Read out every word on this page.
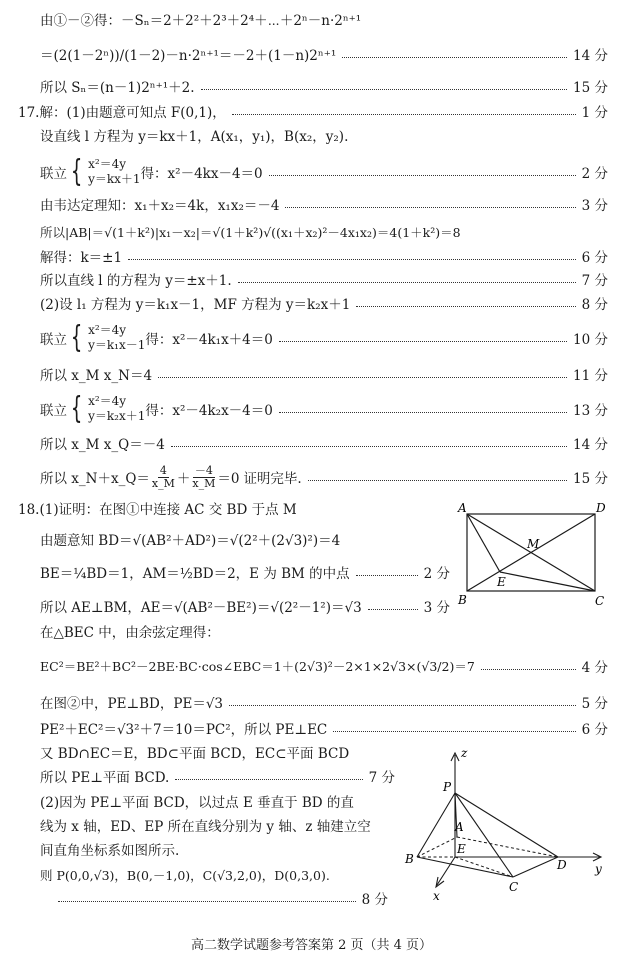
由①－②得：－Sₙ＝2＋2²＋2³＋2⁴＋⋯＋2ⁿ－n·2ⁿ⁺¹
＝(2(1－2ⁿ))/(1－2)－n·2ⁿ⁺¹＝－2＋(1－n)2ⁿ⁺¹	14 分
所以 Sₙ＝(n－1)2ⁿ⁺¹＋2.	15 分
17.解：(1)由题意可知点 F(0,1)，	1 分
设直线 l 方程为 y＝kx＋1，A(x₁，y₁)，B(x₂，y₂).
联立 { x²＝4y
y＝kx＋1 得：x²－4kx－4＝0	2 分
由韦达定理知：x₁＋x₂＝4k，x₁x₂＝－4	3 分
所以|AB|＝√(1＋k²)|x₁－x₂|＝√(1＋k²)√((x₁＋x₂)²－4x₁x₂)＝4(1＋k²)＝8
解得：k＝±1	6 分
所以直线 l 的方程为 y＝±x＋1.	7 分
(2)设 l₁ 方程为 y＝k₁x－1，MF 方程为 y＝k₂x＋1	8 分
联立 { x²＝4y
y＝k₁x－1 得：x²－4k₁x＋4＝0	10 分
所以 x_M x_N＝4	11 分
联立 { x²＝4y
y＝k₂x＋1 得：x²－4k₂x－4＝0	13 分
所以 x_M x_Q＝－4	14 分
所以 x_N＋x_Q＝ $\frac{4}{x\_M} + \frac{-4}{x\_M} =0$ 证明完毕.	15 分
18.(1)证明：在图①中连接 AC 交 BD 于点 M
由题意知 BD＝√(AB²＋AD²)＝√(2²＋(2√3)²)＝4
BE＝¼BD＝1，AM＝½BD＝2，E 为 BM 的中点	2 分
所以 AE⊥BM，AE＝√(AB²－BE²)＝√(2²－1²)＝√3	3 分
在△BEC 中，由余弦定理得：
EC²＝BE²＋BC²－2BE·BC·cos∠EBC＝1＋(2√3)²－2×1×2√3×(√3/2)＝7	4 分
在图②中，PE⊥BD，PE＝√3	5 分
PE²＋EC²＝√3²＋7＝10＝PC²，所以 PE⊥EC	6 分
又 BD∩EC＝E，BD⊂平面 BCD，EC⊂平面 BCD
所以 PE⊥平面 BCD.	7 分
(2)因为 PE⊥平面 BCD，以过点 E 垂直于 BD 的直
线为 x 轴，ED、EP 所在直线分别为 y 轴、z 轴建立空
间直角坐标系如图所示.
则 P(0,0,√3)，B(0,－1,0)，C(√3,2,0)，D(0,3,0).
8 分
A	D
M
E
B	C
z
P
A
E
B	D y
x
C
高二数学试题参考答案第 2 页（共 4 页）
